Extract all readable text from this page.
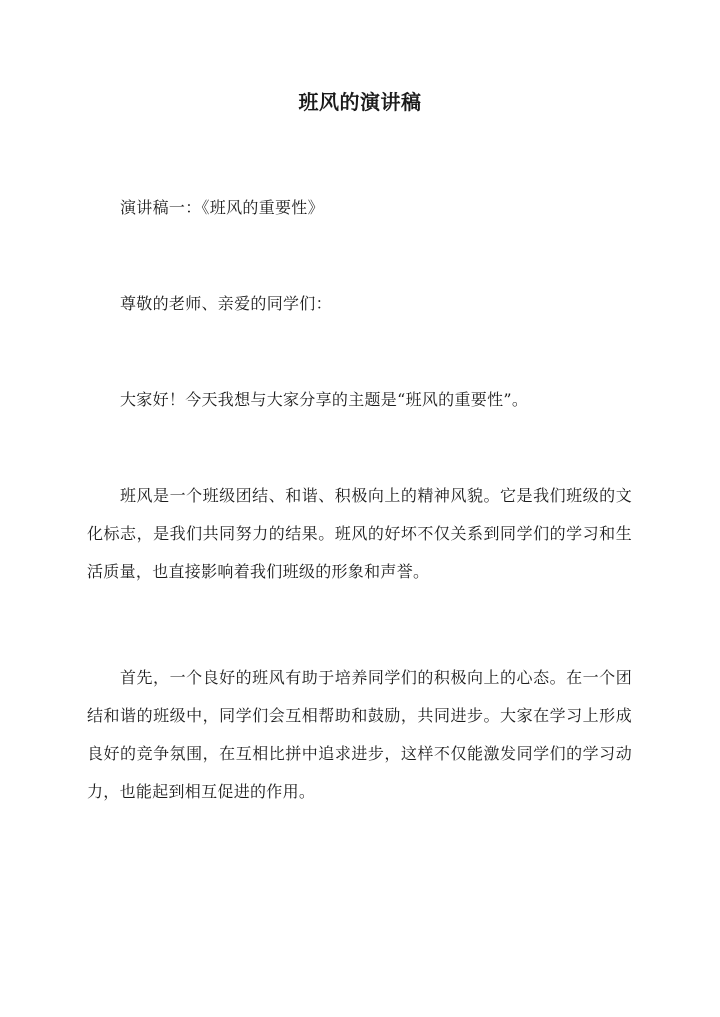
班风的演讲稿

演讲稿一：《班风的重要性》

尊敬的老师、亲爱的同学们：

大家好！今天我想与大家分享的主题是“班风的重要性”。

班风是一个班级团结、和谐、积极向上的精神风貌。它是我们班级的文化标志，是我们共同努力的结果。班风的好坏不仅关系到同学们的学习和生活质量，也直接影响着我们班级的形象和声誉。

首先，一个良好的班风有助于培养同学们的积极向上的心态。在一个团结和谐的班级中，同学们会互相帮助和鼓励，共同进步。大家在学习上形成良好的竞争氛围，在互相比拼中追求进步，这样不仅能激发同学们的学习动力，也能起到相互促进的作用。
